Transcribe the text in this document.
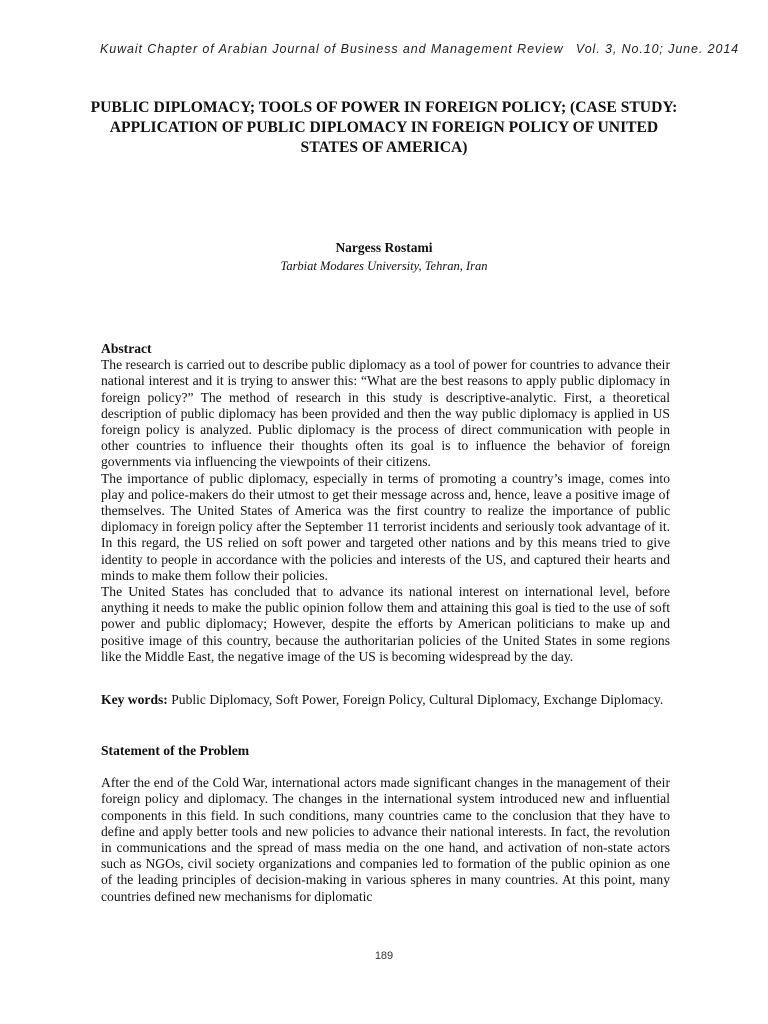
Kuwait Chapter of Arabian Journal of Business and Management Review Vol. 3, No.10; June. 2014
PUBLIC DIPLOMACY; TOOLS OF POWER IN FOREIGN POLICY; (CASE STUDY: APPLICATION OF PUBLIC DIPLOMACY IN FOREIGN POLICY OF UNITED STATES OF AMERICA)
Nargess Rostami
Tarbiat Modares University, Tehran, Iran
Abstract

The research is carried out to describe public diplomacy as a tool of power for countries to advance their national interest and it is trying to answer this: “What are the best reasons to apply public diplomacy in foreign policy?” The method of research in this study is descriptive-analytic. First, a theoretical description of public diplomacy has been provided and then the way public diplomacy is applied in US foreign policy is analyzed. Public diplomacy is the process of direct communication with people in other countries to influence their thoughts often its goal is to influence the behavior of foreign governments via influencing the viewpoints of their citizens.

The importance of public diplomacy, especially in terms of promoting a country’s image, comes into play and police-makers do their utmost to get their message across and, hence, leave a positive image of themselves. The United States of America was the first country to realize the importance of public diplomacy in foreign policy after the September 11 terrorist incidents and seriously took advantage of it. In this regard, the US relied on soft power and targeted other nations and by this means tried to give identity to people in accordance with the policies and interests of the US, and captured their hearts and minds to make them follow their policies.

The United States has concluded that to advance its national interest on international level, before anything it needs to make the public opinion follow them and attaining this goal is tied to the use of soft power and public diplomacy; However, despite the efforts by American politicians to make up and positive image of this country, because the authoritarian policies of the United States in some regions like the Middle East, the negative image of the US is becoming widespread by the day.

Key words: Public Diplomacy, Soft Power, Foreign Policy, Cultural Diplomacy, Exchange Diplomacy.

Statement of the Problem

After the end of the Cold War, international actors made significant changes in the management of their foreign policy and diplomacy. The changes in the international system introduced new and influential components in this field. In such conditions, many countries came to the conclusion that they have to define and apply better tools and new policies to advance their national interests. In fact, the revolution in communications and the spread of mass media on the one hand, and activation of non-state actors such as NGOs, civil society organizations and companies led to formation of the public opinion as one of the leading principles of decision-making in various spheres in many countries. At this point, many countries defined new mechanisms for diplomatic

189
